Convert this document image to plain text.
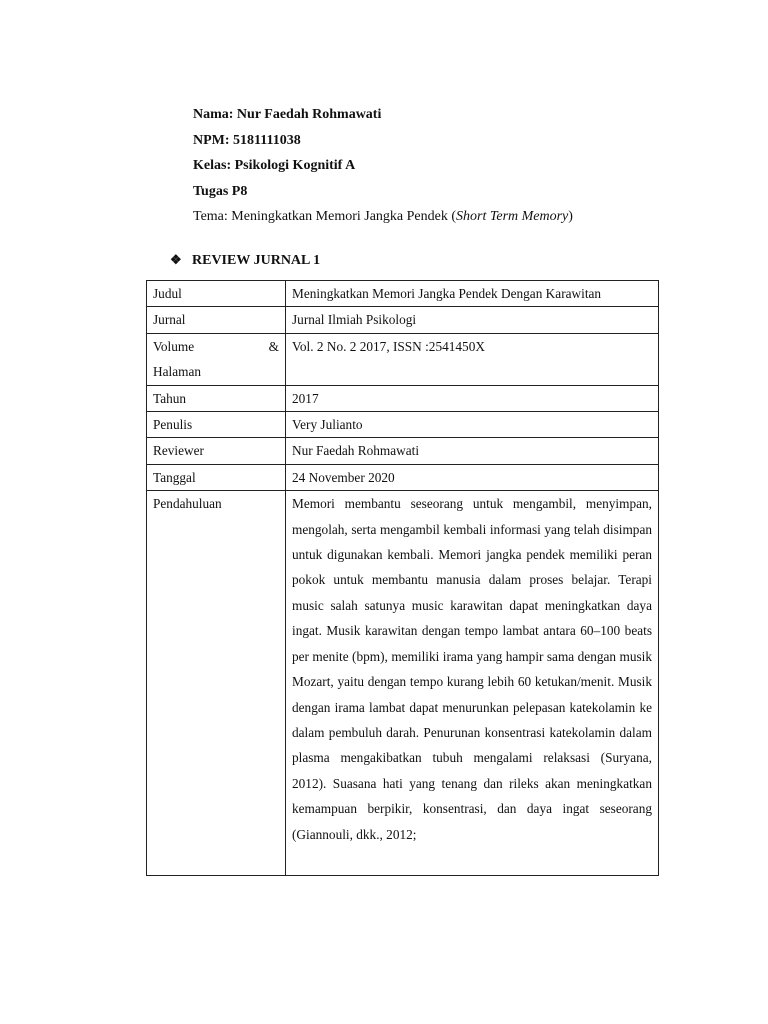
Nama: Nur Faedah Rohmawati
NPM: 5181111038
Kelas: Psikologi Kognitif A
Tugas P8
Tema: Meningkatkan Memori Jangka Pendek (Short Term Memory)
❖ REVIEW JURNAL 1
Judul	Meningkatkan Memori Jangka Pendek Dengan Karawitan
Jurnal	Jurnal Ilmiah Psikologi

Volume &
Halaman	Vol. 2 No. 2 2017, ISSN :2541450X
Tahun	2017
Penulis	Very Julianto
Reviewer	Nur Faedah Rohmawati
Tanggal	24 November 2020
Pendahuluan	Memori membantu seseorang untuk mengambil, menyimpan, mengolah, serta mengambil kembali informasi yang telah disimpan untuk digunakan kembali. Memori jangka pendek memiliki peran pokok untuk membantu manusia dalam proses belajar. Terapi music salah satunya music karawitan dapat meningkatkan daya ingat. Musik karawitan dengan tempo lambat antara 60–100 beats per menite (bpm), memiliki irama yang hampir sama dengan musik Mozart, yaitu dengan tempo kurang lebih 60 ketukan/menit. Musik dengan irama lambat dapat menurunkan pelepasan katekolamin ke dalam pembuluh darah. Penurunan konsentrasi katekolamin dalam plasma mengakibatkan tubuh mengalami relaksasi (Suryana, 2012). Suasana hati yang tenang dan rileks akan meningkatkan kemampuan berpikir, konsentrasi, dan daya ingat seseorang (Giannouli, dkk., 2012;
